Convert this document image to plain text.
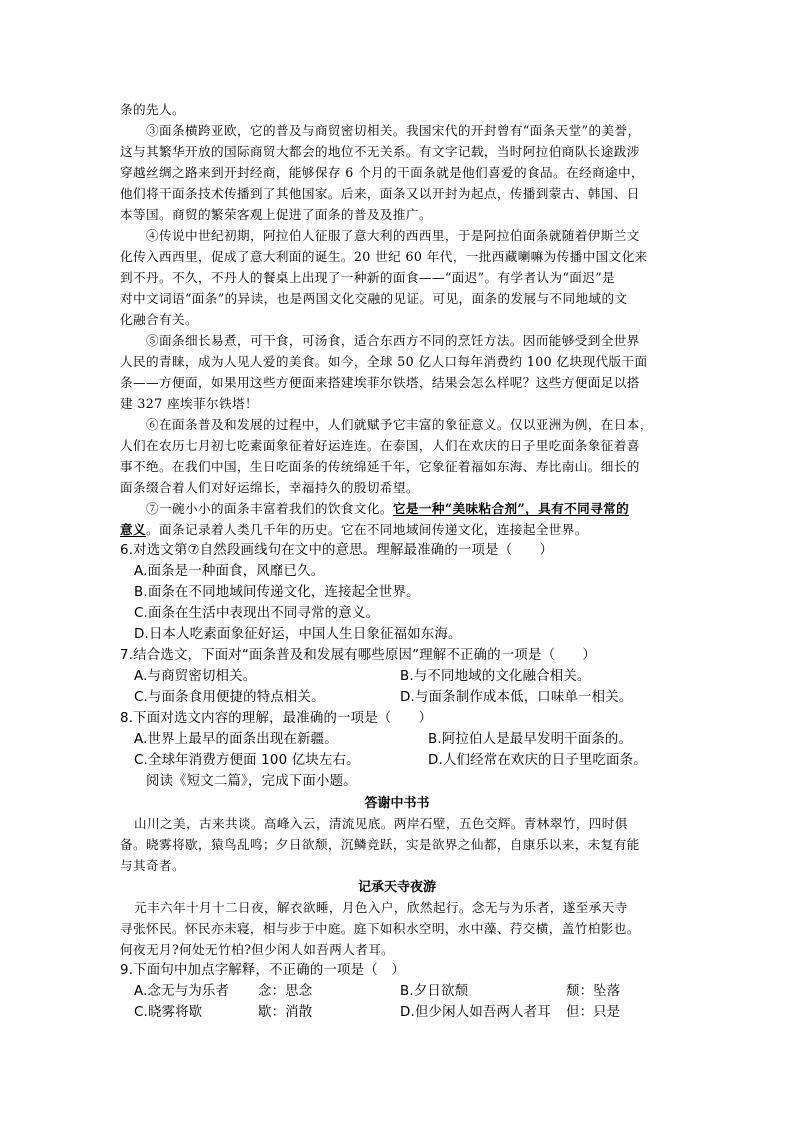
条的先人。
③面条横跨亚欧，它的普及与商贸密切相关。我国宋代的开封曾有“面条天堂”的美誉，
这与其繁华开放的国际商贸大都会的地位不无关系。有文字记载，当时阿拉伯商队长途跋涉
穿越丝绸之路来到开封经商，能够保存 6 个月的干面条就是他们喜爱的食品。在经商途中，
他们将干面条技术传播到了其他国家。后来，面条又以开封为起点，传播到蒙古、韩国、日
本等国。商贸的繁荣客观上促进了面条的普及及推广。
④传说中世纪初期，阿拉伯人征服了意大利的西西里，于是阿拉伯面条就随着伊斯兰文
化传入西西里，促成了意大利面的诞生。20 世纪 60 年代，一批西藏喇嘛为传播中国文化来
到不丹。不久，不丹人的餐桌上出现了一种新的面食——“面迟”。有学者认为“面迟”是
对中文词语“面条”的异读，也是两国文化交融的见证。可见，面条的发展与不同地域的文
化融合有关。
⑤面条细长易煮，可干食，可汤食，适合东西方不同的烹饪方法。因而能够受到全世界
人民的青睐，成为人见人爱的美食。如今，全球 50 亿人口每年消费约 100 亿块现代版干面
条——方便面，如果用这些方便面来搭建埃菲尔铁塔，结果会怎么样呢？这些方便面足以搭
建 327 座埃菲尔铁塔！
⑥在面条普及和发展的过程中，人们就赋予它丰富的象征意义。仅以亚洲为例，在日本，
人们在农历七月初七吃素面象征着好运连连。在泰国，人们在欢庆的日子里吃面条象征着喜
事不绝。在我们中国，生日吃面条的传统绵延千年，它象征着福如东海、寿比南山。细长的
面条缀合着人们对好运绵长，幸福持久的殷切希望。
⑦一碗小小的面条丰富着我们的饮食文化。它是一种“美味粘合剂”，具有不同寻常的
意义。面条记录着人类几千年的历史。它在不同地域间传递文化，连接起全世界。
6.对选文第⑦自然段画线句在文中的意思。理解最准确的一项是（　　）
A.面条是一种面食，风靡已久。
B.面条在不同地域间传递文化，连接起全世界。
C.面条在生活中表现出不同寻常的意义。
D.日本人吃素面象征好运，中国人生日象征福如东海。
7.结合选文，下面对“面条普及和发展有哪些原因”理解不正确的一项是（　　）
A.与商贸密切相关。	B.与不同地域的文化融合相关。
C.与面条食用便捷的特点相关。	D.与面条制作成本低，口味单一相关。
8.下面对选文内容的理解，最准确的一项是（　　）
A.世界上最早的面条出现在新疆。	B.阿拉伯人是最早发明干面条的。
C.全球年消费方便面 100 亿块左右。	D.人们经常在欢庆的日子里吃面条。
阅读《短文二篇》，完成下面小题。
答谢中书书
山川之美，古来共谈。高峰入云，清流见底。两岸石壁，五色交辉。青林翠竹，四时俱
备。晓雾将歇，猿鸟乱鸣；夕日欲颓，沉鳞竞跃，实是欲界之仙都，自康乐以来，未复有能
与其奇者。
记承天寺夜游
元丰六年十月十二日夜，解衣欲睡，月色入户，欣然起行。念无与为乐者，遂至承天寺
寻张怀民。怀民亦未寝，相与步于中庭。庭下如积水空明，水中藻、荇交横，盖竹柏影也。
何夜无月?何处无竹柏?但少闲人如吾两人者耳。
9.下面句中加点字解释，不正确的一项是（　）
A.念无与为乐者 念：思念	B.夕日欲颓	颓：坠落
C.晓雾将歇	歇：消散	D.但少闲人如吾两人者耳 但：只是
